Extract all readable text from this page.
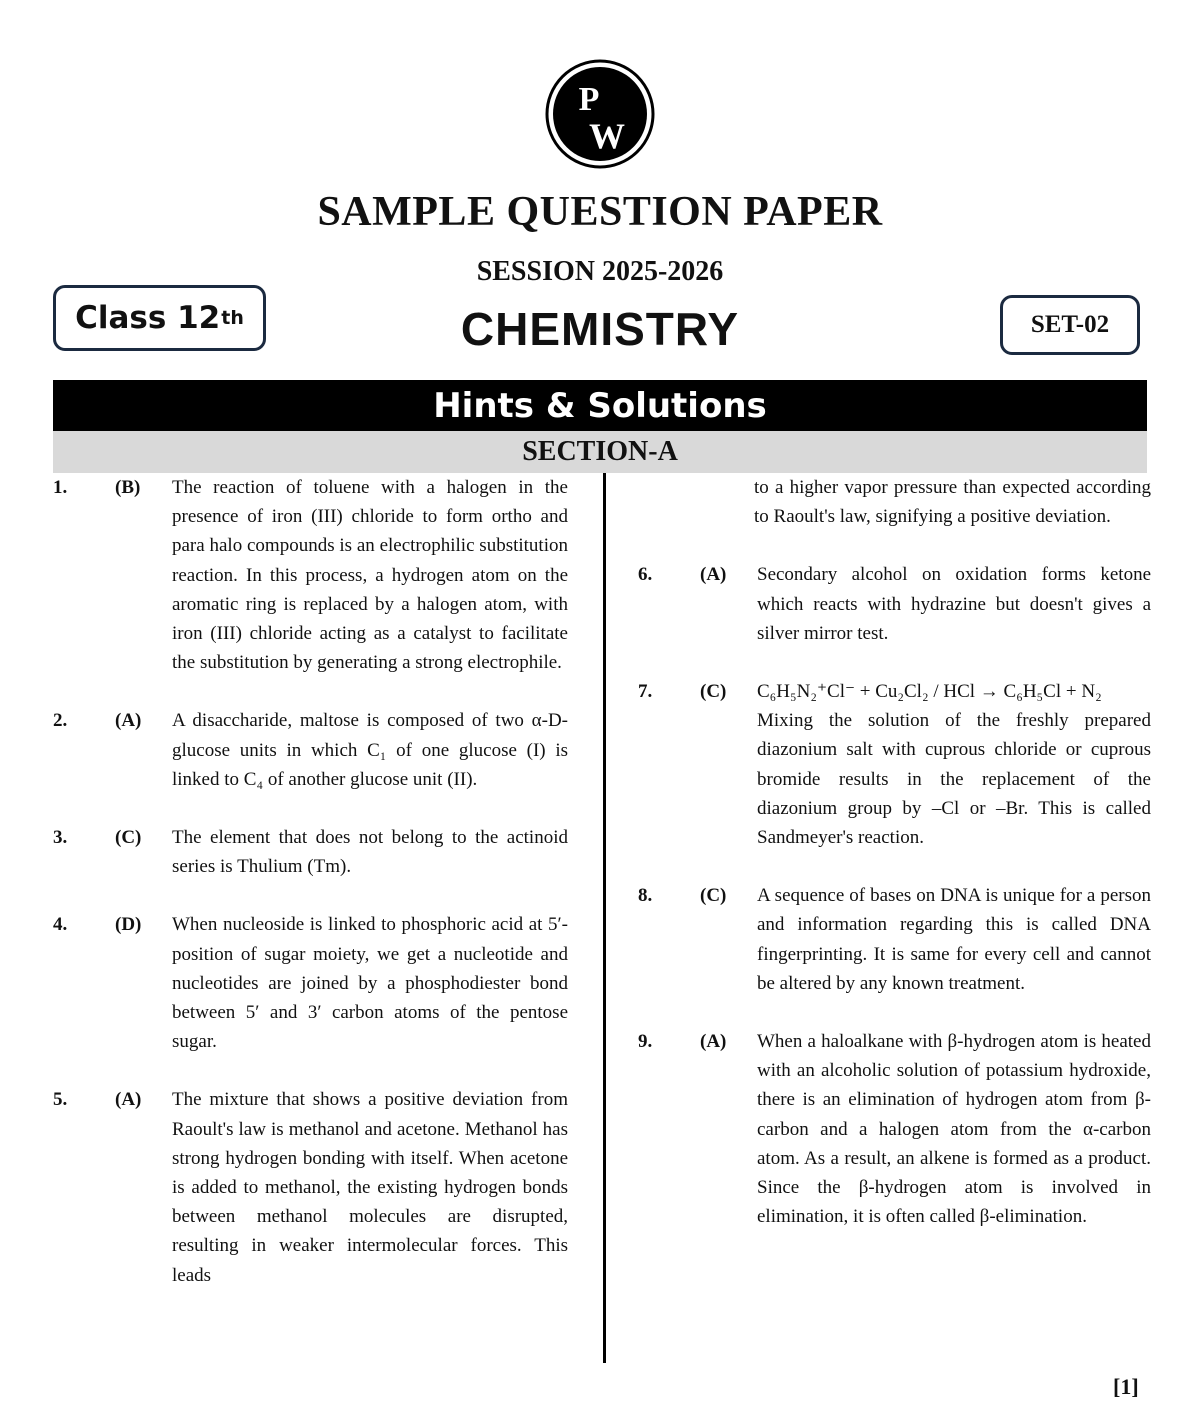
P
W
SAMPLE QUESTION PAPER
SESSION 2025-2026
CHEMISTRY
Class 12 th	SET-02
Hints & Solutions
SECTION-A
1.	(B)	The reaction of toluene with a halogen in the presence of iron (III) chloride to form ortho and para halo compounds is an electrophilic substitution reaction. In this process, a hydrogen atom on the aromatic ring is replaced by a halogen atom, with iron (III) chloride acting as a catalyst to facilitate the substitution by generating a strong electrophile.
2.	(A)	A disaccharide, maltose is composed of two α-D-glucose units in which C₁ of one glucose (I) is linked to C₄ of another glucose unit (II).
3.	(C)	The element that does not belong to the actinoid series is Thulium (Tm).
4.	(D)	When nucleoside is linked to phosphoric acid at 5′-position of sugar moiety, we get a nucleotide and nucleotides are joined by a phosphodiester bond between 5′ and 3′ carbon atoms of the pentose sugar.
5.	(A)	The mixture that shows a positive deviation from Raoult's law is methanol and acetone. Methanol has strong hydrogen bonding with itself. When acetone is added to methanol, the existing hydrogen bonds between methanol molecules are disrupted, resulting in weaker intermolecular forces. This leads
to a higher vapor pressure than expected according to Raoult's law, signifying a positive deviation.
6.	(A)	Secondary alcohol on oxidation forms ketone which reacts with hydrazine but doesn't gives a silver mirror test.
7.	(C)	C₆H₅N₂⁺Cl⁻ + Cu₂Cl₂ / HCl → C₆H₅Cl + N₂
Mixing the solution of the freshly prepared diazonium salt with cuprous chloride or cuprous bromide results in the replacement of the diazonium group by –Cl or –Br. This is called Sandmeyer's reaction.
8.	(C)	A sequence of bases on DNA is unique for a person and information regarding this is called DNA fingerprinting. It is same for every cell and cannot be altered by any known treatment.
9.	(A)	When a haloalkane with β-hydrogen atom is heated with an alcoholic solution of potassium hydroxide, there is an elimination of hydrogen atom from β-carbon and a halogen atom from the α-carbon atom. As a result, an alkene is formed as a product. Since the β-hydrogen atom is involved in elimination, it is often called β-elimination.
[1]
